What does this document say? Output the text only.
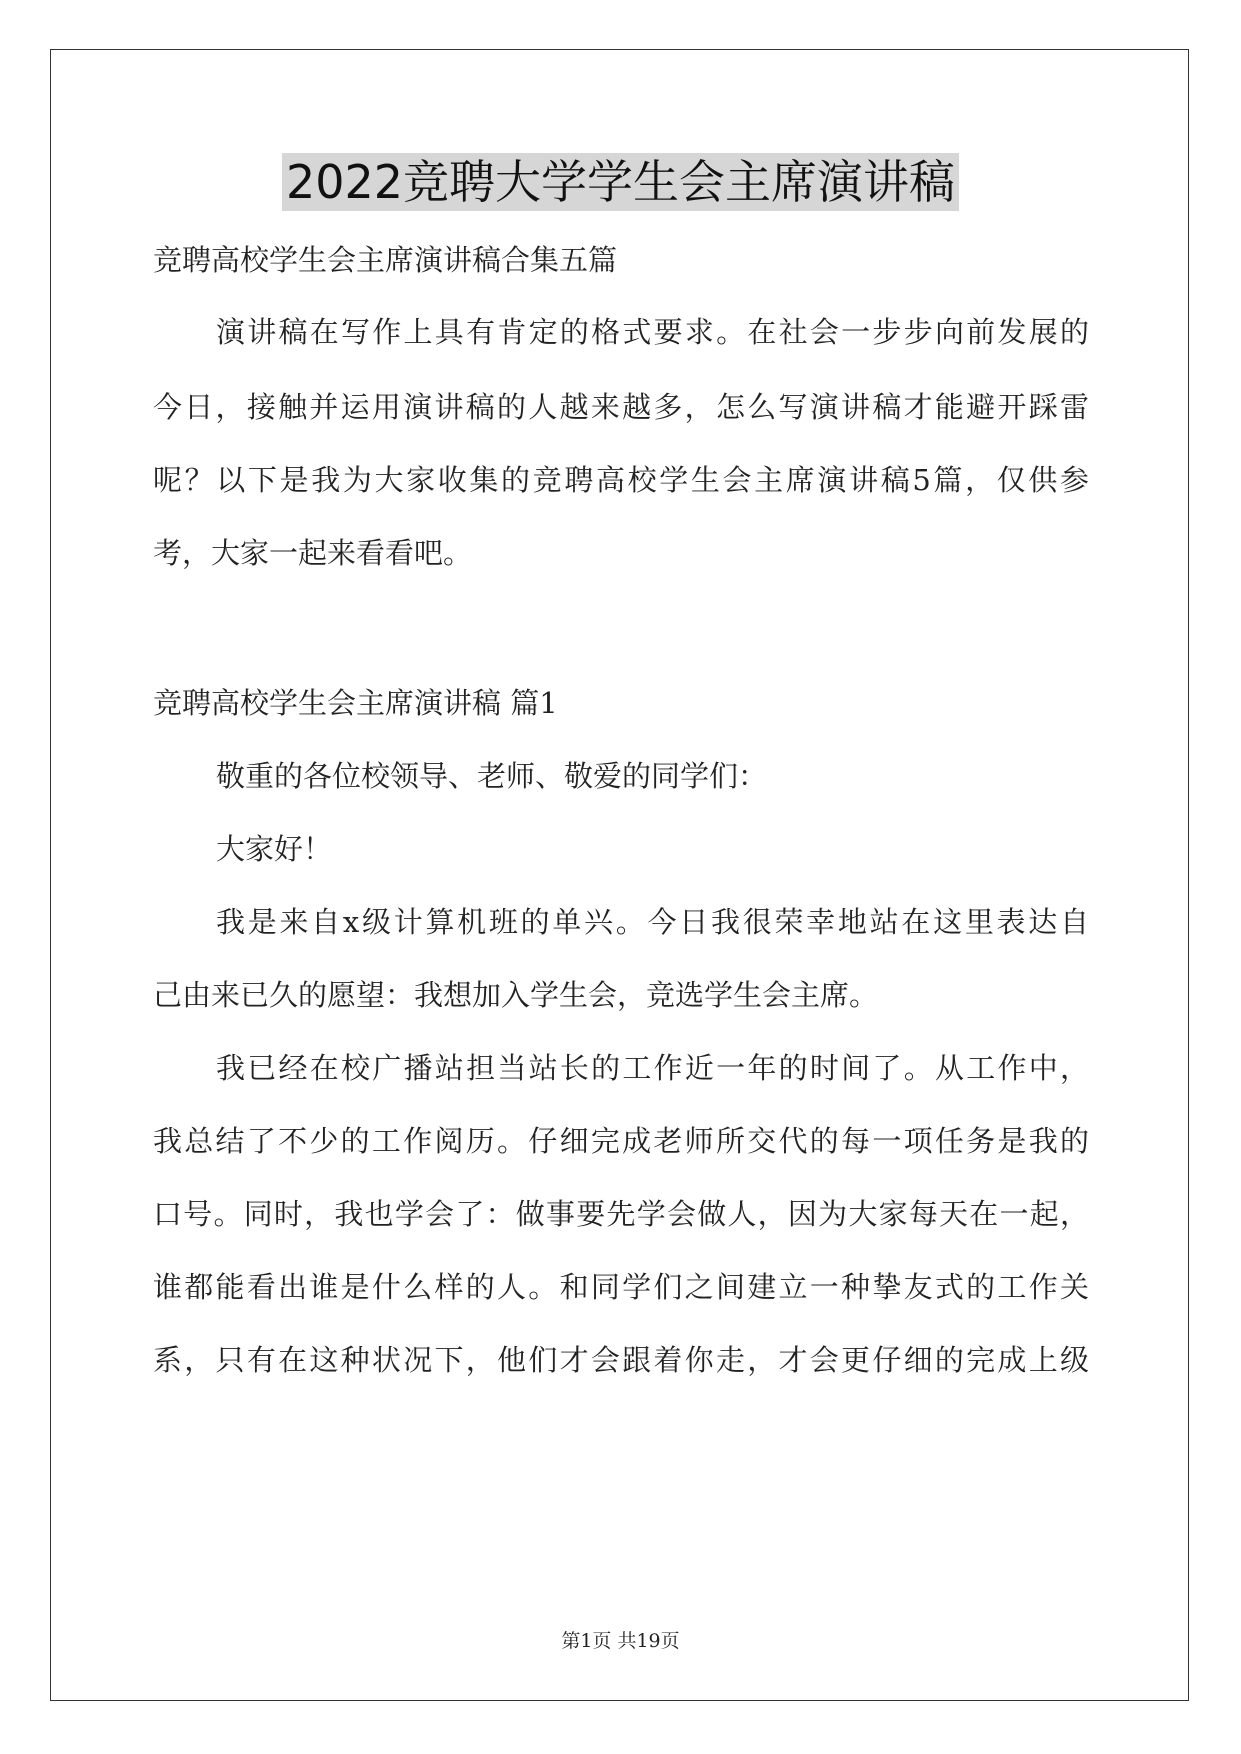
2022竞聘大学学生会主席演讲稿
竞聘高校学生会主席演讲稿合集五篇
演讲稿在写作上具有肯定的格式要求。在社会一步步向前发展的
今日，接触并运用演讲稿的人越来越多，怎么写演讲稿才能避开踩雷
呢？以下是我为大家收集的竞聘高校学生会主席演讲稿5篇，仅供参
考，大家一起来看看吧。
竞聘高校学生会主席演讲稿 篇1
敬重的各位校领导、老师、敬爱的同学们：
大家好！
我是来自x级计算机班的单兴。今日我很荣幸地站在这里表达自
己由来已久的愿望：我想加入学生会，竞选学生会主席。
我已经在校广播站担当站长的工作近一年的时间了。从工作中，
我总结了不少的工作阅历。仔细完成老师所交代的每一项任务是我的
口号。同时，我也学会了：做事要先学会做人，因为大家每天在一起，
谁都能看出谁是什么样的人。和同学们之间建立一种挚友式的工作关
系，只有在这种状况下，他们才会跟着你走，才会更仔细的完成上级
第1页 共19页
